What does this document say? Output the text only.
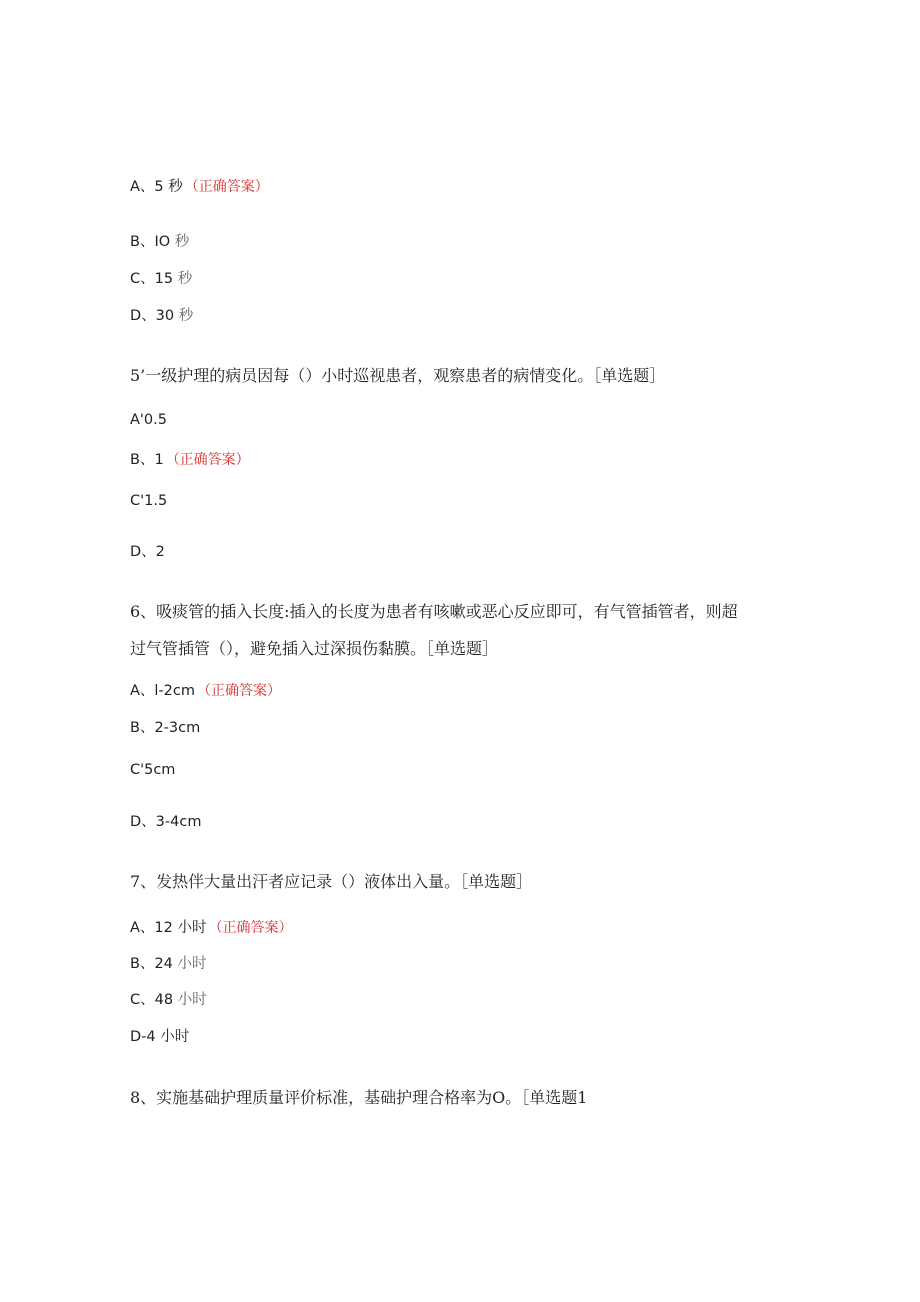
A、5 秒 （正确答案）
B、IO 秒
C、15 秒
D、30 秒
5’一级护理的病员因每（）小时巡视患者，观察患者的病情变化。［单选题］
A'0.5
B、1 （正确答案）
C'1.5
D、2
6、吸痰管的插入长度:插入的长度为患者有咳嗽或恶心反应即可，有气管插管者，则超
过气管插管（），避免插入过深损伤黏膜。［单选题］
A、l-2cm （正确答案）
B、2-3cm
C'5cm
D、3-4cm
7、发热伴大量出汗者应记录（）液体出入量。［单选题］
A、12 小时 （正确答案）
B、24 小时
C、48 小时
D-4 小时
8、实施基础护理质量评价标准，基础护理合格率为O。［单选题1
